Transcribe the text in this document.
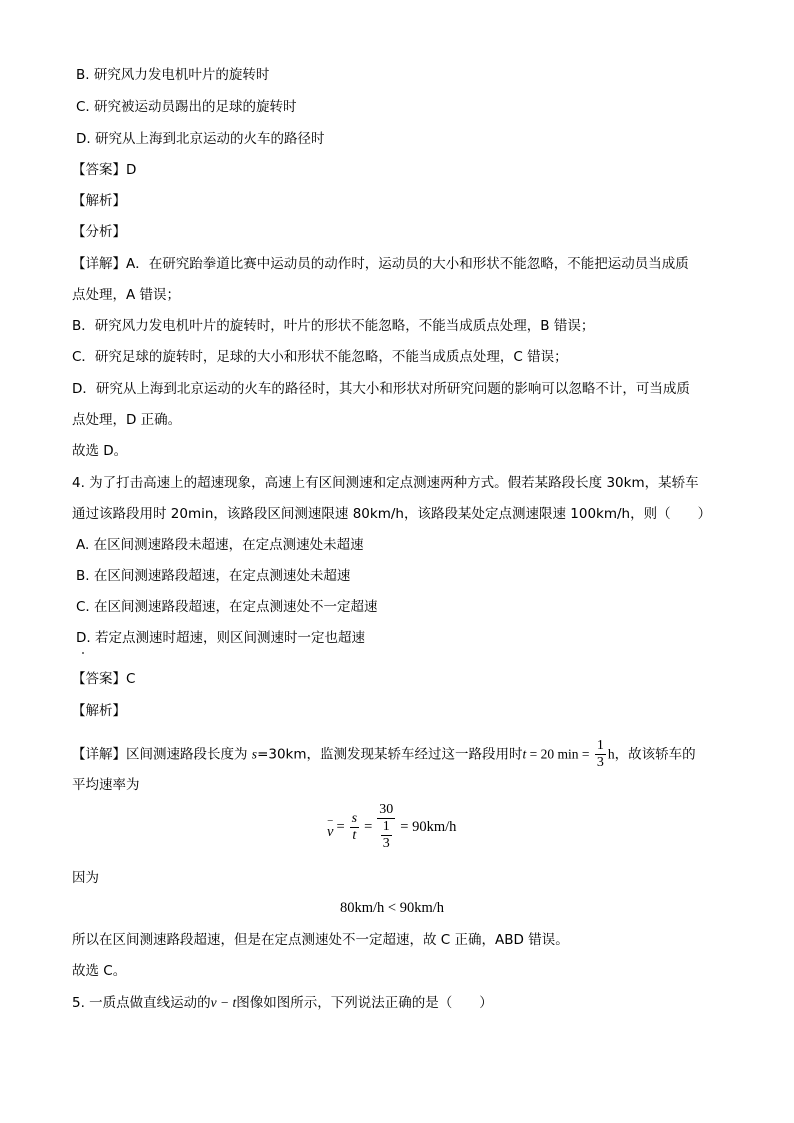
B. 研究风力发电机叶片的旋转时
C. 研究被运动员踢出的足球的旋转时
D. 研究从上海到北京运动的火车的路径时
【答案】D
【解析】
【分析】
【详解】A．在研究跆拳道比赛中运动员的动作时，运动员的大小和形状不能忽略，不能把运动员当成质
点处理，A 错误；
B．研究风力发电机叶片的旋转时，叶片的形状不能忽略，不能当成质点处理，B 错误；
C．研究足球的旋转时，足球的大小和形状不能忽略，不能当成质点处理，C 错误；
D．研究从上海到北京运动的火车的路径时，其大小和形状对所研究问题的影响可以忽略不计，可当成质
点处理，D 正确。
故选 D。
4. 为了打击高速上的超速现象，高速上有区间测速和定点测速两种方式。假若某路段长度 30km，某轿车
通过该路段用时 20min，该路段区间测速限速 80km/h，该路段某处定点测速限速 100km/h，则（　　）
A. 在区间测速路段未超速，在定点测速处未超速
B. 在区间测速路段超速，在定点测速处未超速
C. 在区间测速路段超速，在定点测速处不一定超速
D. 若定点测速时超速，则区间测速时一定也超速
【答案】C
【解析】
【详解】区间测速路段长度为 s=30km，监测发现某轿车经过这一路段用时t = 20 $\min = \frac{1}{3}$ h，故该轿车的
平均速率为
−
$v = \frac{s}{t} = 30$
1
3 = 90km/h
因为
80km/h < 90km/h
所以在区间测速路段超速，但是在定点测速处不一定超速，故 C 正确，ABD 错误。
故选 C。
5. 一质点做直线运动的v − t图像如图所示，下列说法正确的是（　　）
